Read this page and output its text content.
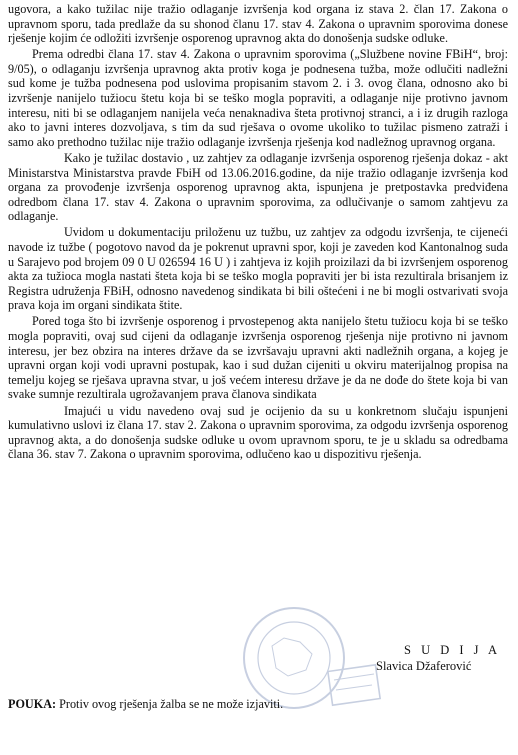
ugovora, a kako tužilac nije tražio odlaganje izvršenja kod organa iz stava 2. član 17. Zakona o upravnom sporu, tada predlaže da su shonod članu 17. stav 4. Zakona o upravnim sporovima donese rješenje kojim će odložiti izvršenje osporenog upravnog akta do donošenja sudske odluke.

Prema odredbi člana 17. stav 4. Zakona o upravnim sporovima („Službene novine FBiH“, broj: 9/05), o odlaganju izvršenja upravnog akta protiv koga je podnesena tužba, može odlučiti nadležni sud kome je tužba podnesena pod uslovima propisanim stavom 2. i 3. ovog člana, odnosno ako bi izvršenje nanijelo tužiocu štetu koja bi se teško mogla popraviti, a odlaganje nije protivno javnom interesu, niti bi se odlaganjem nanijela veća nenaknadiva šteta protivnoj stranci, a i iz drugih razloga ako to javni interes dozvoljava, s tim da sud rješava o ovome ukoliko to tužilac pismeno zatraži i samo ako prethodno tužilac nije tražio odlaganje izvršenja rješenja kod nadležnog upravnog organa.

Kako je tužilac dostavio , uz zahtjev za odlaganje izvršenja osporenog rješenja dokaz - akt Ministarstva Ministarstva pravde FbiH od 13.06.2016.godine, da nije tražio odlaganje izvršenja kod organa za provođenje izvršenja osporenog upravnog akta, ispunjena je pretpostavka predviđena odredbom člana 17. stav 4. Zakona o upravnim sporovima, za odlučivanje o samom zahtjevu za odlaganje.

Uvidom u dokumentaciju priloženu uz tužbu, uz zahtjev za odgodu izvršenja, te cijeneći navode iz tužbe ( pogotovo navod da je pokrenut upravni spor, koji je zaveden kod Kantonalnog suda u Sarajevo pod brojem 09 0 U 026594 16 U ) i zahtjeva iz kojih proizilazi da bi izvršenjem osporenog akta za tužioca mogla nastati šteta koja bi se teško mogla popraviti jer bi ista rezultirala brisanjem iz Registra udruženja FBiH, odnosno navedenog sindikata bi bili oštećeni i ne bi mogli ostvarivati svoja prava koja im organi sindikata štite.

Pored toga što bi izvršenje osporenog i prvostepenog akta nanijelo štetu tužiocu koja bi se teško mogla popraviti, ovaj sud cijeni da odlaganje izvršenja osporenog rješenja nije protivno ni javnom interesu, jer bez obzira na interes države da se izvršavaju upravni akti nadležnih organa, a kojeg je upravni organ koji vodi upravni postupak, kao i sud dužan cijeniti u okviru materijalnog propisa na temelju kojeg se rješava upravna stvar, u još većem interesu države je da ne dođe do štete koja bi van svake sumnje rezultirala ugrožavanjem prava članova sindikata

Imajući u vidu navedeno ovaj sud je ocijenio da su u konkretnom slučaju ispunjeni kumulativno uslovi iz člana 17. stav 2. Zakona o upravnim sporovima, za odgodu izvršenja osporenog upravnog akta, a do donošenja sudske odluke u ovom upravnom sporu, te je u skladu sa odredbama člana 36. stav 7. Zakona o upravnim sporovima, odlučeno kao u dispozitivu rješenja.

S U D I J A
Slavica Džaferović
POUKA: Protiv ovog rješenja žalba se ne može izjaviti.
